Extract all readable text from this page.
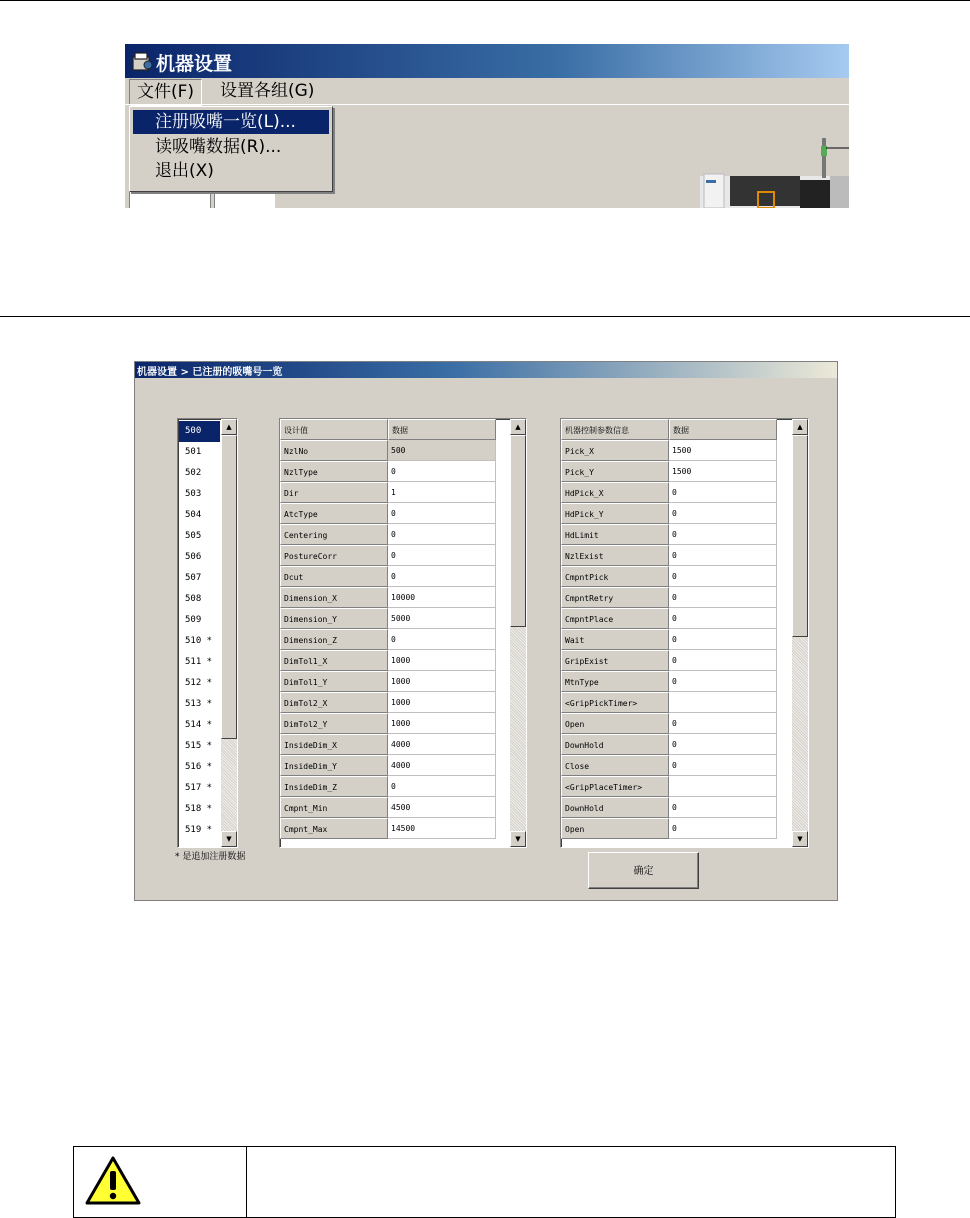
机器设置
文件(F)	设置各组(G)
注册吸嘴一览(L)...
读吸嘴数据(R)...
退出(X)
机器设置 > 已注册的吸嘴号一览
500
501
502
503
504
505
506
507
508
509
510 *
511 *
512 *
513 *
514 *
515 *
516 *
517 *
518 *
519 *
▲
▼
设计值	数据
NzlNo	500
NzlType	0
Dir	1
AtcType	0
Centering	0
PostureCorr	0
Dcut	0
Dimension_X	10000
Dimension_Y	5000
Dimension_Z	0
DimTol1_X	1000
DimTol1_Y	1000
DimTol2_X	1000
DimTol2_Y	1000
InsideDim_X	4000
InsideDim_Y	4000
InsideDim_Z	0
Cmpnt_Min	4500
Cmpnt_Max	14500
▲
▼
机器控制参数信息	数据
Pick_X	1500
Pick_Y	1500
HdPick_X	0
HdPick_Y	0
HdLimit	0
NzlExist	0
CmpntPick	0
CmpntRetry	0
CmpntPlace	0
Wait	0
GripExist	0
MtnType	0
<GripPickTimer>
Open	0
DownHold	0
Close	0
<GripPlaceTimer>
DownHold	0
Open	0
▲
▼
* 是追加注册数据
确定
